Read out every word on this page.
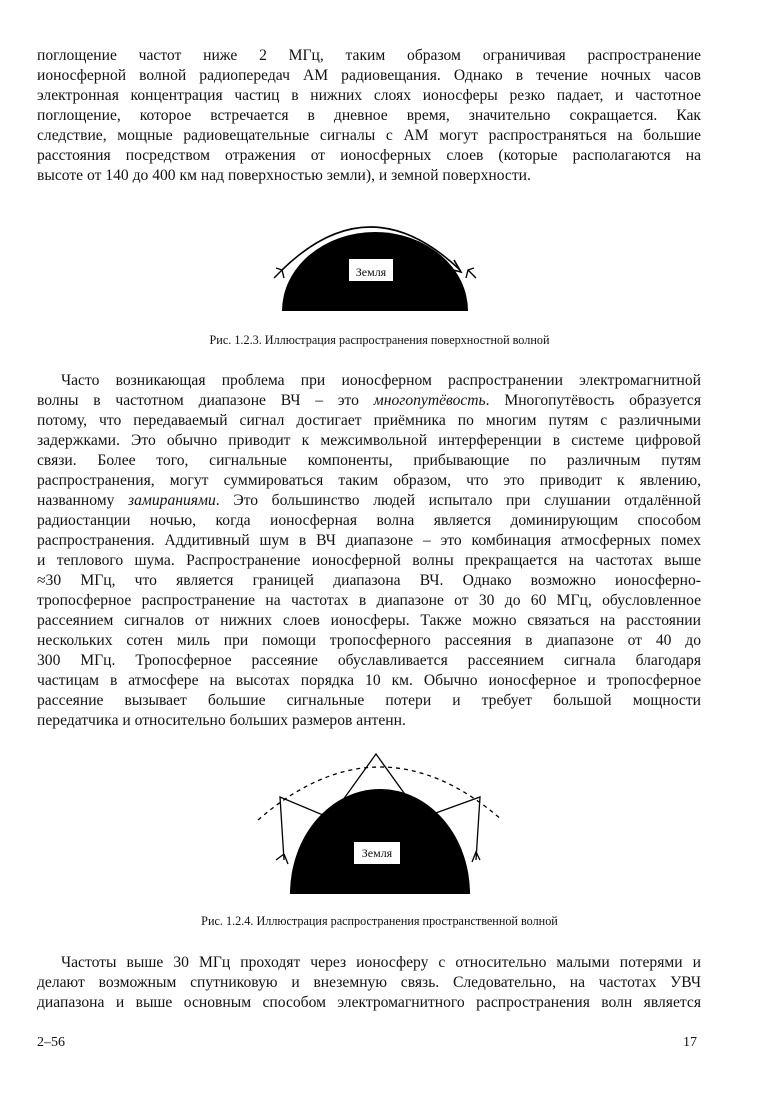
поглощение частот ниже 2 МГц, таким образом ограничивая распространение
ионосферной волной радиопередач АМ радиовещания. Однако в течение ночных часов
электронная концентрация частиц в нижних слоях ионосферы резко падает, и частотное
поглощение, которое встречается в дневное время, значительно сокращается. Как
следствие, мощные радиовещательные сигналы с АМ могут распространяться на большие
расстояния посредством отражения от ионосферных слоев (которые располагаются на
высоте от 140 до 400 км над поверхностью земли), и земной поверхности.
Земля

Рис. 1.2.3. Иллюстрация распространения поверхностной волной

Часто возникающая проблема при ионосферном распространении электромагнитной
волны в частотном диапазоне ВЧ – это многопутёвость. Многопутёвость образуется
потому, что передаваемый сигнал достигает приёмника по многим путям с различными
задержками. Это обычно приводит к межсимвольной интерференции в системе цифровой
связи. Более того, сигнальные компоненты, прибывающие по различным путям
распространения, могут суммироваться таким образом, что это приводит к явлению,
названному замираниями. Это большинство людей испытало при слушании отдалённой
радиостанции ночью, когда ионосферная волна является доминирующим способом
распространения. Аддитивный шум в ВЧ диапазоне – это комбинация атмосферных помех
и теплового шума. Распространение ионосферной волны прекращается на частотах выше
≈30 МГц, что является границей диапазона ВЧ. Однако возможно ионосферно-
тропосферное распространение на частотах в диапазоне от 30 до 60 МГц, обусловленное
рассеянием сигналов от нижних слоев ионосферы. Также можно связаться на расстоянии
нескольких сотен миль при помощи тропосферного рассеяния в диапазоне от 40 до
300 МГц. Тропосферное рассеяние обуславливается рассеянием сигнала благодаря
частицам в атмосфере на высотах порядка 10 км. Обычно ионосферное и тропосферное
рассеяние вызывает большие сигнальные потери и требует большой мощности
передатчика и относительно больших размеров антенн.
Земля

Рис. 1.2.4. Иллюстрация распространения пространственной волной

Частоты выше 30 МГц проходят через ионосферу с относительно малыми потерями и
делают возможным спутниковую и внеземную связь. Следовательно, на частотах УВЧ
диапазона и выше основным способом электромагнитного распространения волн является
2–56	17
